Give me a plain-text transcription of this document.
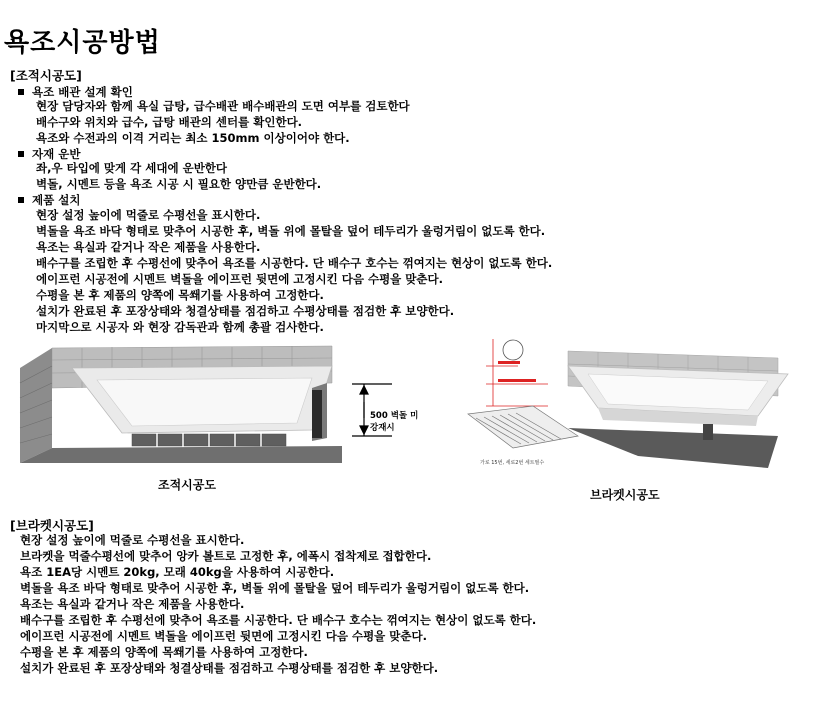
욕조시공방법
[조적시공도]
욕조 배관 설계 확인
현장 담당자와 함께 욕실 급탕, 급수배관 배수배관의 도면 여부를 검토한다
배수구와 위치와 급수, 급탕 배관의 센터를 확인한다.
욕조와 수전과의 이격 거리는 최소 150mm 이상이어야 한다.
자재 운반
좌,우 타입에 맞게 각 세대에 운반한다
벽돌, 시멘트 등을 욕조 시공 시 필요한 양만큼 운반한다.
제품 설치
현장 설정 높이에 먹줄로 수평선을 표시한다.
벽돌을 욕조 바닥 형태로 맞추어 시공한 후, 벽돌 위에 몰탈을 덮어 테두리가 울렁거림이 없도록 한다.
욕조는 욕실과 같거나 작은 제품을 사용한다.
배수구를 조립한 후 수평선에 맞추어 욕조를 시공한다. 단 배수구 호수는 꺾여지는 현상이 없도록 한다.
에이프런 시공전에 시멘트 벽돌을 에이프런 뒷면에 고정시킨 다음 수평을 맞춘다.
수평을 본 후 제품의 양쪽에 목쐐기를 사용하여 고정한다.
설치가 완료된 후 포장상태와 청결상태를 점검하고 수평상태를 점검한 후 보양한다.
마지막으로 시공자 와 현장 감독관과 함께 총괄 검사한다.
500 벽돌 미
강재시
가로 15번, 세로2번 세트필수
조적시공도
브라켓시공도
[브라켓시공도]
현장 설정 높이에 먹줄로 수평선을 표시한다.
브라켓을 먹줄수평선에 맞추어 앙카 볼트로 고정한 후, 에폭시 접착제로 접합한다.
욕조 1EA당 시멘트 20kg, 모래 40kg을 사용하여 시공한다.
벽돌을 욕조 바닥 형태로 맞추어 시공한 후, 벽돌 위에 몰탈을 덮어 테두리가 울렁거림이 없도록 한다.
욕조는 욕실과 같거나 작은 제품을 사용한다.
배수구를 조립한 후 수평선에 맞추어 욕조를 시공한다. 단 배수구 호수는 꺾여지는 현상이 없도록 한다.
에이프런 시공전에 시멘트 벽돌을 에이프런 뒷면에 고정시킨 다음 수평을 맞춘다.
수평을 본 후 제품의 양쪽에 목쐐기를 사용하여 고정한다.
설치가 완료된 후 포장상태와 청결상태를 점검하고 수평상태를 점검한 후 보양한다.
